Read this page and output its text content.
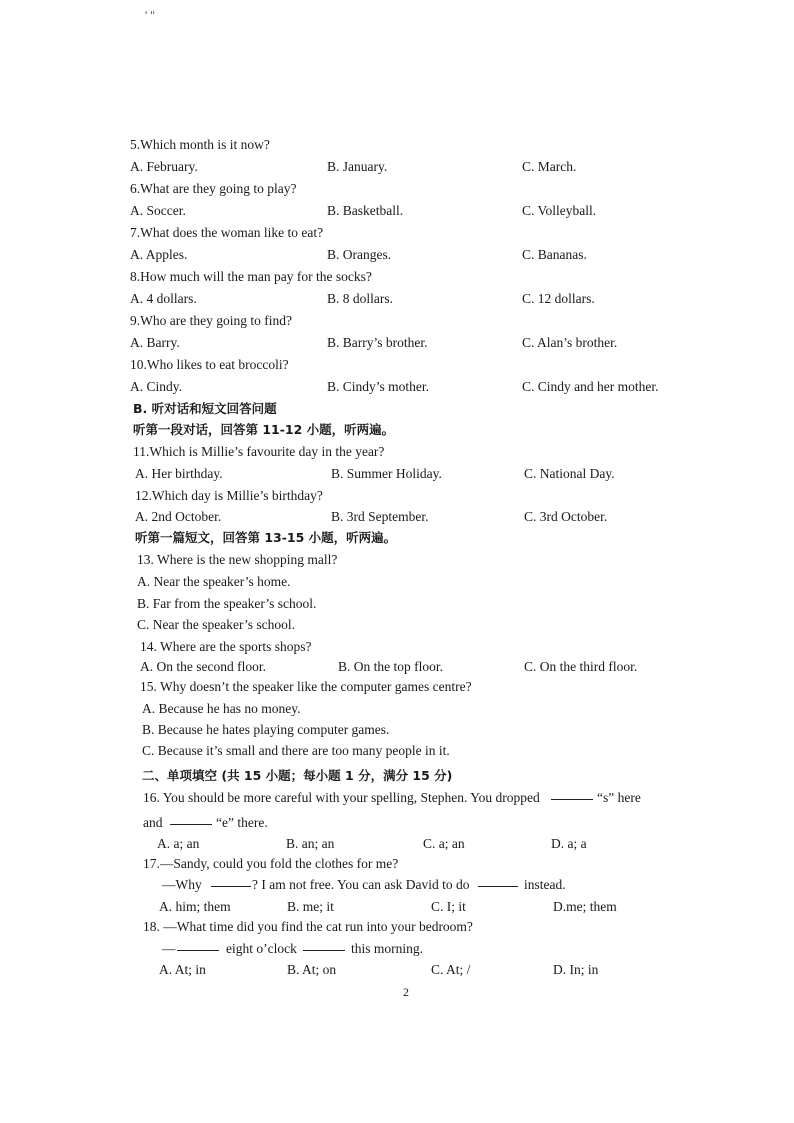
' "
5.Which month is it now?
A. February.	B. January.	C. March.
6.What are they going to play?
A. Soccer.	B. Basketball.	C. Volleyball.
7.What does the woman like to eat?
A. Apples.	B. Oranges.	C. Bananas.
8.How much will the man pay for the socks?
A. 4 dollars.	B. 8 dollars.	C. 12 dollars.
9.Who are they going to find?
A. Barry.	B. Barry’s brother.	C. Alan’s brother.
10.Who likes to eat broccoli?
A. Cindy.	B. Cindy’s mother.	C. Cindy and her mother.
B. 听对话和短文回答问题
听第一段对话，回答第 11-12 小题，听两遍。
11.Which is Millie’s favourite day in the year?
A. Her birthday.	B. Summer Holiday.	C. National Day.
12.Which day is Millie’s birthday?
A. 2nd October.	B. 3rd September.	C. 3rd October.
听第一篇短文，回答第 13-15 小题，听两遍。
13. Where is the new shopping mall?
A. Near the speaker’s home.
B. Far from the speaker’s school.
C. Near the speaker’s school.
14. Where are the sports shops?
A. On the second floor.	B. On the top floor.	C. On the third floor.
15. Why doesn’t the speaker like the computer games centre?
A. Because he has no money.
B. Because he hates playing computer games.
C. Because it’s small and there are too many people in it.
二、单项填空 (共 15 小题；每小题 1 分，满分 15 分)
16. You should be more careful with your spelling, Stephen. You dropped	“s” here
and	“e” there.
A. a; an	B. an; an	C. a; an	D. a; a
17.—Sandy, could you fold the clothes for me?
—Why	? I am not free. You can ask David to do	instead.
A. him; them	B. me; it	C. I; it	D.me; them
18. —What time did you find the cat run into your bedroom?
—	eight o’clock	this morning.
A. At; in	B. At; on	C. At; /	D. In; in
2
